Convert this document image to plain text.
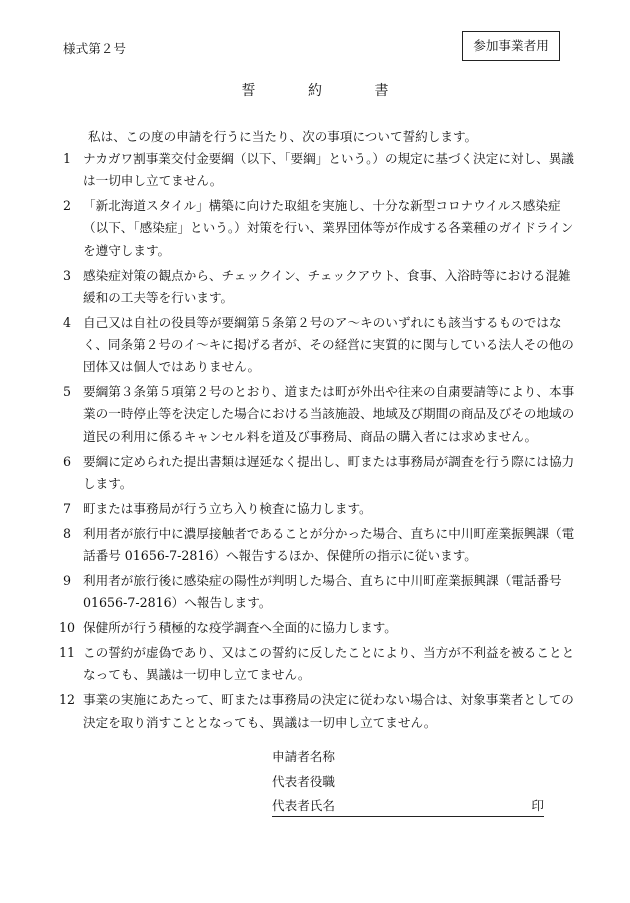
様式第２号	参加事業者用
誓	約	書
私は、この度の申請を行うに当たり、次の事項について誓約します。
1 ナカガワ割事業交付金要綱（以下、「要綱」という。）の規定に基づく決定に対し、異議は一切申し立てません。
2 「新北海道スタイル」構築に向けた取組を実施し、十分な新型コロナウイルス感染症（以下、「感染症」という。）対策を行い、業界団体等が作成する各業種のガイドラインを遵守します。
3 感染症対策の観点から、チェックイン、チェックアウト、食事、入浴時等における混雑緩和の工夫等を行います。
4 自己又は自社の役員等が要綱第５条第２号のア～キのいずれにも該当するものではなく、同条第２号のイ～キに掲げる者が、その経営に実質的に関与している法人その他の団体又は個人ではありません。
5 要綱第３条第５項第２号のとおり、道または町が外出や往来の自粛要請等により、本事業の一時停止等を決定した場合における当該施設、地域及び期間の商品及びその地域の道民の利用に係るキャンセル料を道及び事務局、商品の購入者には求めません。
6 要綱に定められた提出書類は遅延なく提出し、町または事務局が調査を行う際には協力します。
7 町または事務局が行う立ち入り検査に協力します。
8 利用者が旅行中に濃厚接触者であることが分かった場合、直ちに中川町産業振興課（電話番号 01656-7-2816）へ報告するほか、保健所の指示に従います。
9 利用者が旅行後に感染症の陽性が判明した場合、直ちに中川町産業振興課（電話番号 01656-7-2816）へ報告します。
10 保健所が行う積極的な疫学調査へ全面的に協力します。
11 この誓約が虚偽であり、又はこの誓約に反したことにより、当方が不利益を被ることとなっても、異議は一切申し立てません。
12 事業の実施にあたって、町または事務局の決定に従わない場合は、対象事業者としての決定を取り消すこととなっても、異議は一切申し立てません。
申請者名称
代表者役職
代表者氏名	印
